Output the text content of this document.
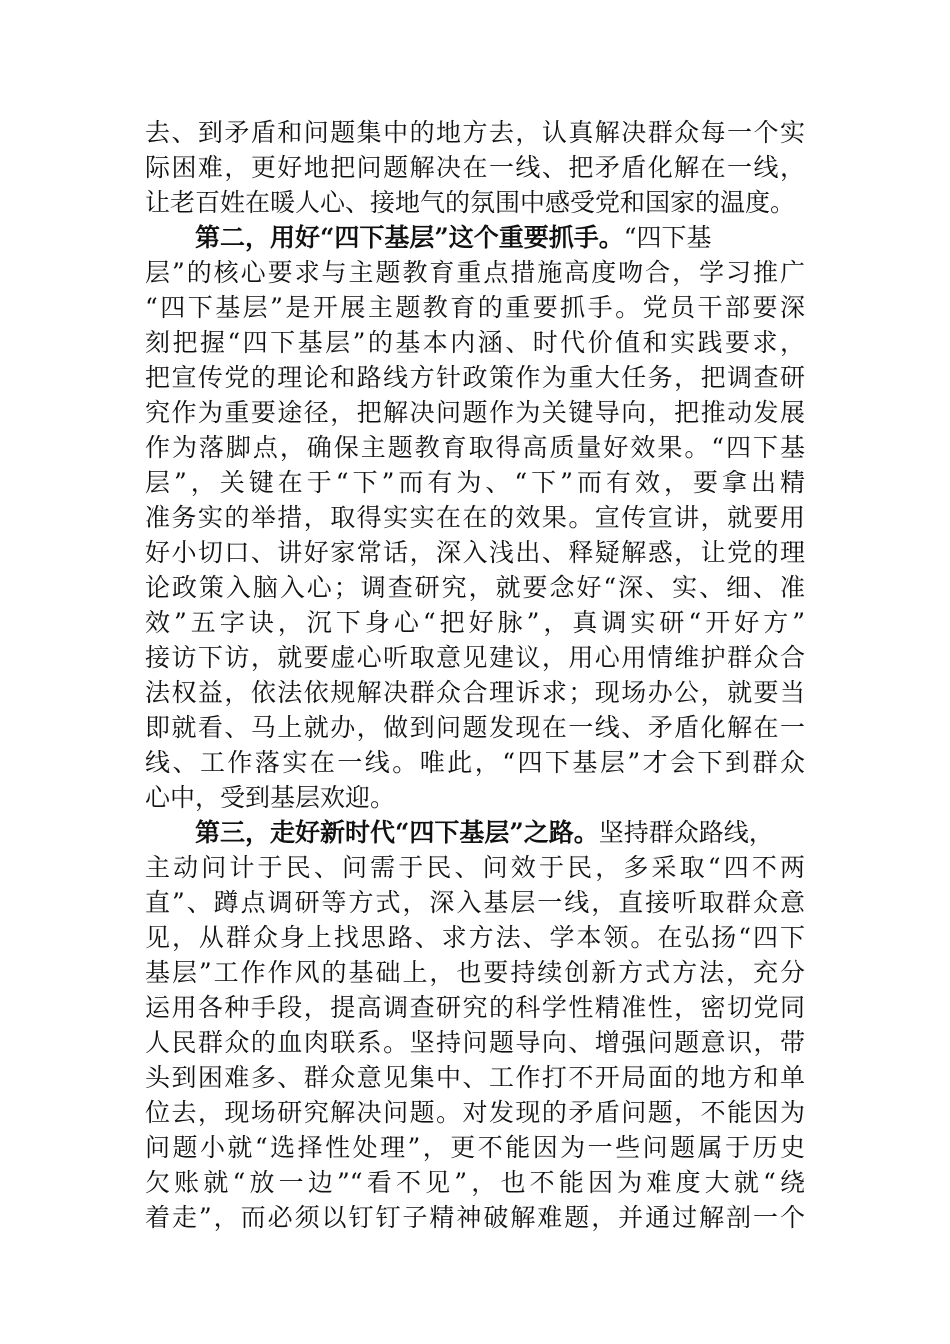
去、到矛盾和问题集中的地方去，认真解决群众每一个实
际困难，更好地把问题解决在一线、把矛盾化解在一线，
让老百姓在暖人心、接地气的氛围中感受党和国家的温度。
第二，用好“四下基层”这个重要抓手。“四下基
层”的核心要求与主题教育重点措施高度吻合，学习推广
“四下基层”是开展主题教育的重要抓手。党员干部要深
刻把握“四下基层”的基本内涵、时代价值和实践要求，
把宣传党的理论和路线方针政策作为重大任务，把调查研
究作为重要途径，把解决问题作为关键导向，把推动发展
作为落脚点，确保主题教育取得高质量好效果。“四下基
层”，关键在于“下”而有为、“下”而有效，要拿出精
准务实的举措，取得实实在在的效果。宣传宣讲，就要用
好小切口、讲好家常话，深入浅出、释疑解惑，让党的理
论政策入脑入心；调查研究，就要念好“深、实、细、准
效”五字诀，沉下身心“把好脉”，真调实研“开好方”
接访下访，就要虚心听取意见建议，用心用情维护群众合
法权益，依法依规解决群众合理诉求；现场办公，就要当
即就看、马上就办，做到问题发现在一线、矛盾化解在一
线、工作落实在一线。唯此，“四下基层”才会下到群众
心中，受到基层欢迎。
第三，走好新时代“四下基层”之路。坚持群众路线，
主动问计于民、问需于民、问效于民，多采取“四不两
直”、蹲点调研等方式，深入基层一线，直接听取群众意
见，从群众身上找思路、求方法、学本领。在弘扬“四下
基层”工作作风的基础上，也要持续创新方式方法，充分
运用各种手段，提高调查研究的科学性精准性，密切党同
人民群众的血肉联系。坚持问题导向、增强问题意识，带
头到困难多、群众意见集中、工作打不开局面的地方和单
位去，现场研究解决问题。对发现的矛盾问题，不能因为
问题小就“选择性处理”，更不能因为一些问题属于历史
欠账就“放一边”“看不见”，也不能因为难度大就“绕
着走”，而必须以钉钉子精神破解难题，并通过解剖一个
